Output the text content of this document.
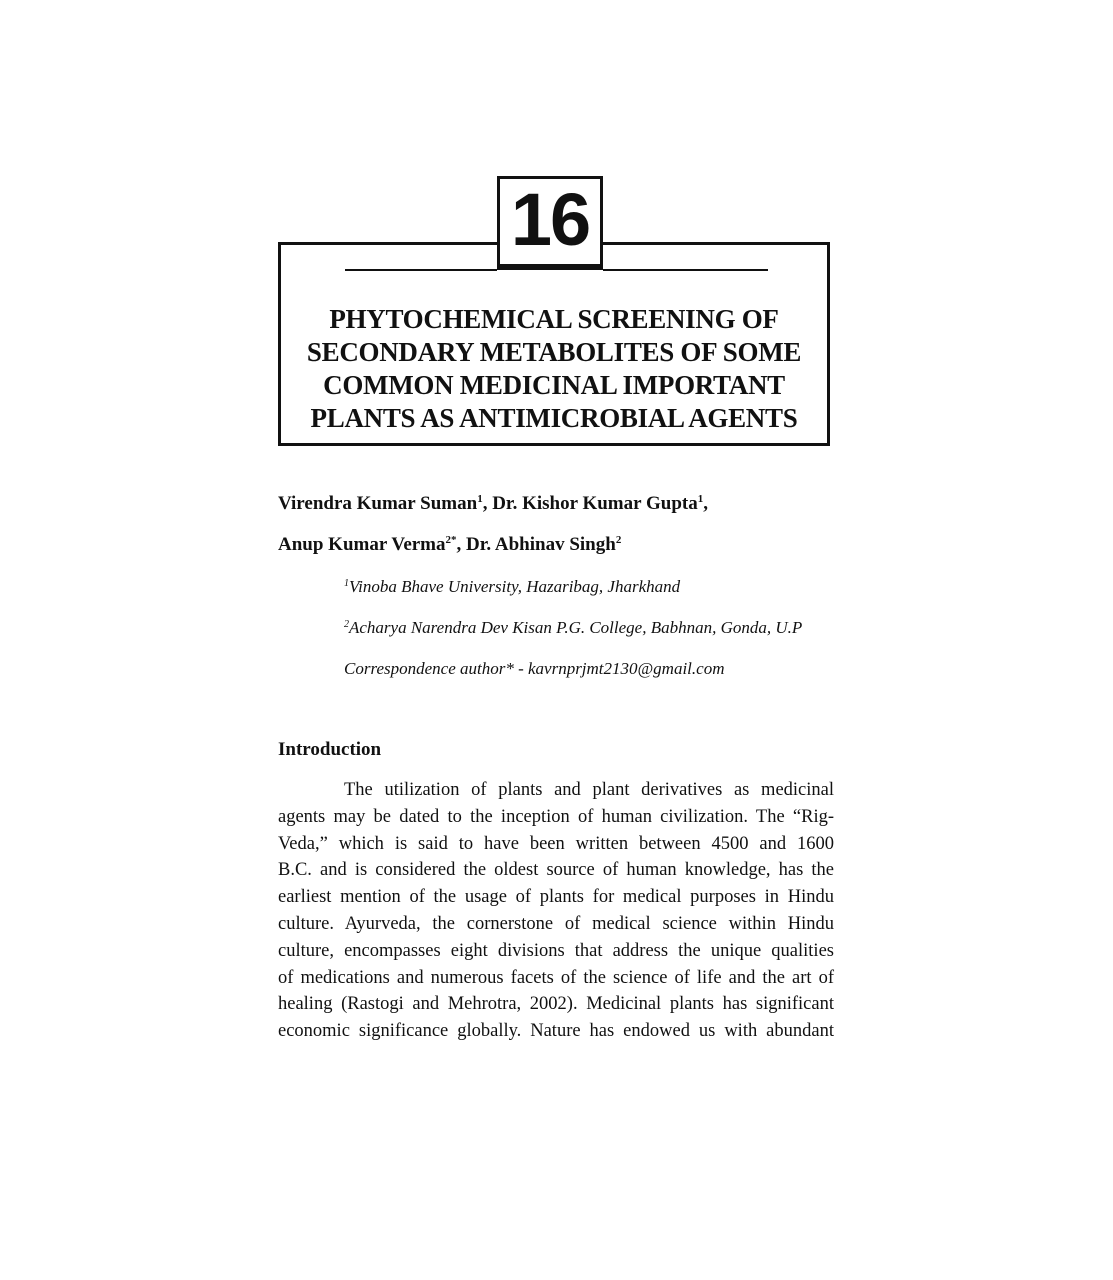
16
PHYTOCHEMICAL SCREENING OF
SECONDARY METABOLITES OF SOME
COMMON MEDICINAL IMPORTANT
PLANTS AS ANTIMICROBIAL AGENTS
Virendra Kumar Suman$^1$, Dr. Kishor Kumar Gupta$^1$,
Anup Kumar Verma$^{2*}$, Dr. Abhinav Singh$^2$
$^1$Vinoba Bhave University, Hazaribag, Jharkhand
$^2$Acharya Narendra Dev Kisan P.G. College, Babhnan, Gonda, U.P
Correspondence author* - kavrnprjmt2130@gmail.com
Introduction
The utilization of plants and plant derivatives as medicinal
agents may be dated to the inception of human civilization. The “Rig-
Veda,” which is said to have been written between 4500 and 1600
B.C. and is considered the oldest source of human knowledge, has the
earliest mention of the usage of plants for medical purposes in Hindu
culture. Ayurveda, the cornerstone of medical science within Hindu
culture, encompasses eight divisions that address the unique qualities
of medications and numerous facets of the science of life and the art of
healing (Rastogi and Mehrotra, 2002). Medicinal plants has significant
economic significance globally. Nature has endowed us with abundant
